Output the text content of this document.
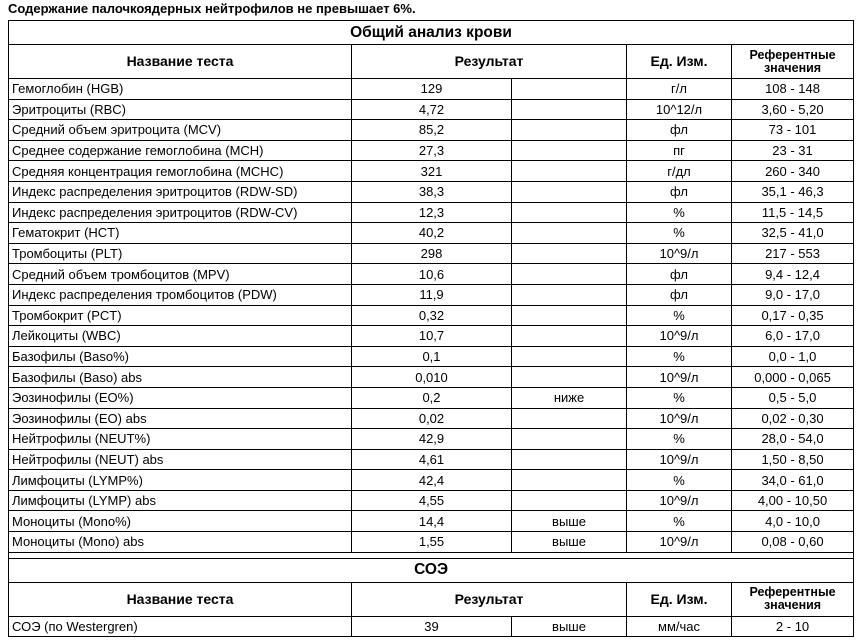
Содержание палочкоядерных нейтрофилов не превышает 6%.
Общий анализ крови				
Название теста	Результат		Ед. Изм.	Референтные значения
Гемоглобин (HGB)	129		г/л	108 - 148
Эритроциты (RBC)	4,72		10^12/л	3,60 - 5,20
Средний объем эритроцита (MCV)	85,2		фл	73 - 101
Среднее содержание гемоглобина (MCH)	27,3		пг	23 - 31
Средняя концентрация гемоглобина (MCHC)	321		г/дл	260 - 340
Индекс распределения эритроцитов (RDW-SD)	38,3		фл	35,1 - 46,3
Индекс распределения эритроцитов (RDW-CV)	12,3		%	11,5 - 14,5
Гематокрит (HCT)	40,2		%	32,5 - 41,0
Тромбоциты (PLT)	298		10^9/л	217 - 553
Средний объем тромбоцитов (MPV)	10,6		фл	9,4 - 12,4
Индекс распределения тромбоцитов (PDW)	11,9		фл	9,0 - 17,0
Тромбокрит (PCT)	0,32		%	0,17 - 0,35
Лейкоциты (WBC)	10,7		10^9/л	6,0 - 17,0
Базофилы (Baso%)	0,1		%	0,0 - 1,0
Базофилы (Baso) abs	0,010		10^9/л	0,000 - 0,065
Эозинофилы (EO%)	0,2	ниже	%	0,5 - 5,0
Эозинофилы (EO) abs	0,02		10^9/л	0,02 - 0,30
Нейтрофилы (NEUT%)	42,9		%	28,0 - 54,0
Нейтрофилы (NEUT) abs	4,61		10^9/л	1,50 - 8,50
Лимфоциты (LYMP%)	42,4		%	34,0 - 61,0
Лимфоциты (LYMP) abs	4,55		10^9/л	4,00 - 10,50
Моноциты (Mono%)	14,4	выше	%	4,0 - 10,0
Моноциты (Mono) abs	1,55	выше	10^9/л	0,08 - 0,60

СОЭ				
Название теста	Результат		Ед. Изм.	Референтные значения
СОЭ (по Westergren)	39	выше	мм/час	2 - 10
